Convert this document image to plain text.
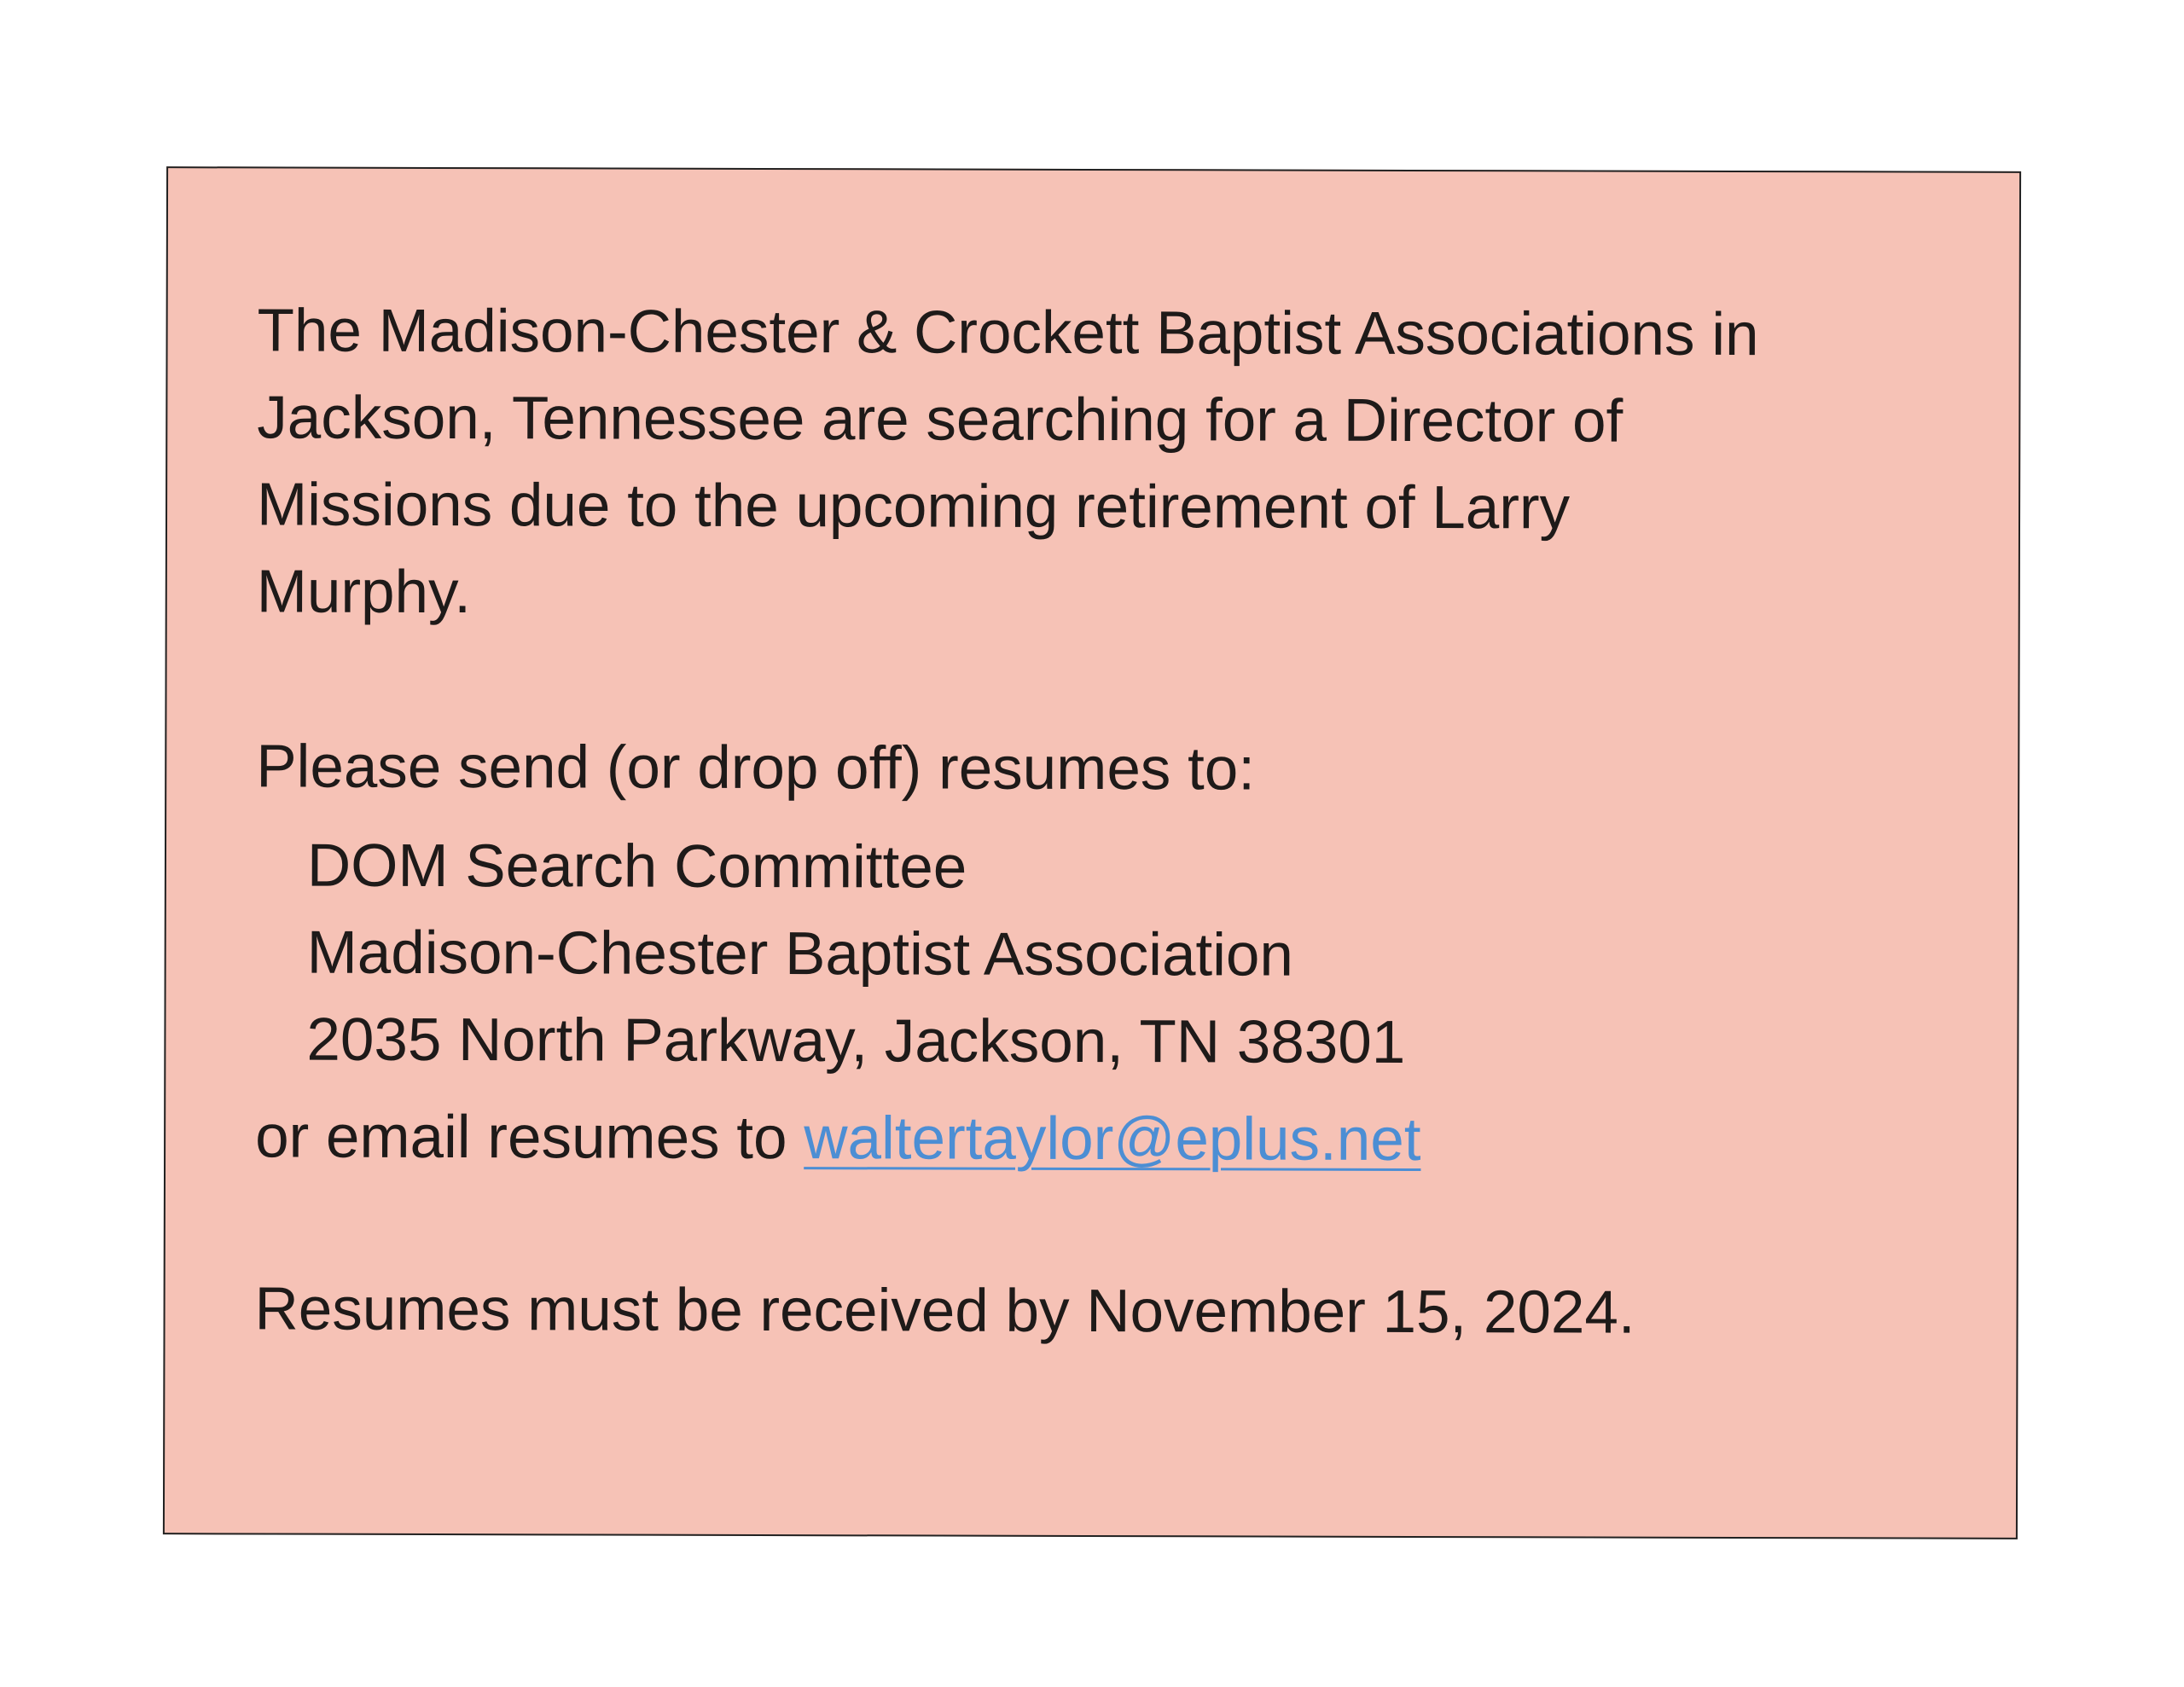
The Madison-Chester & Crockett Baptist Associations in
Jackson, Tennessee are searching for a Director of
Missions due to the upcoming retirement of Larry
Murphy.
Please send (or drop off) resumes to:
DOM Search Committee
Madison-Chester Baptist Association
2035 North Parkway, Jackson, TN 38301
or email resumes to waltertaylor@eplus.net
Resumes must be received by November 15, 2024.
